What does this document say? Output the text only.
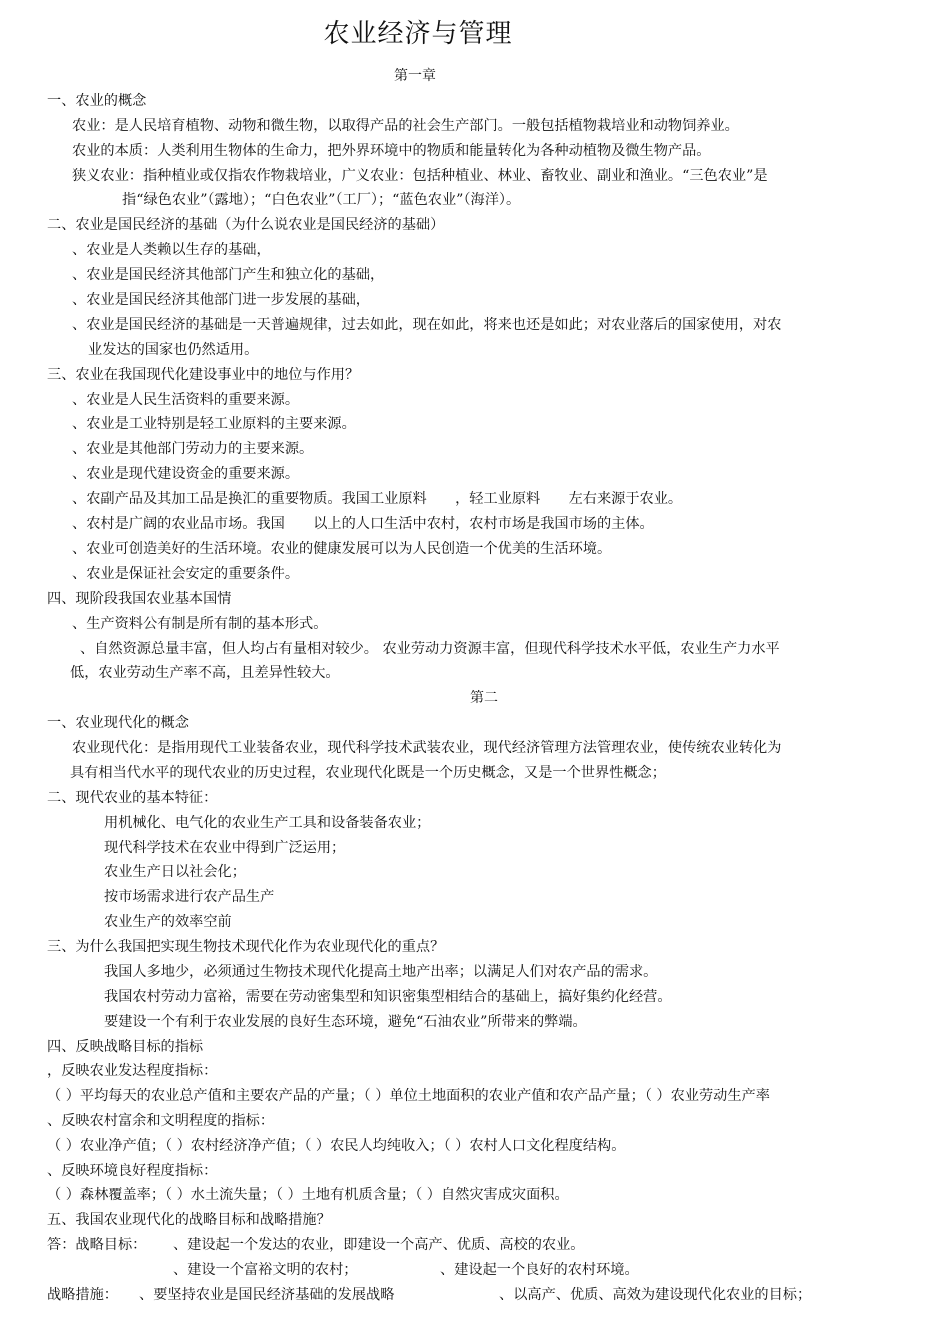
农业经济与管理
第一章
一、农业的概念
农业：是人民培育植物、动物和微生物，以取得产品的社会生产部门。一般包括植物栽培业和动物饲养业。
农业的本质：人类利用生物体的生命力，把外界环境中的物质和能量转化为各种动植物及微生物产品。
狭义农业：指种植业或仅指农作物栽培业，广义农业：包括种植业、林业、畜牧业、副业和渔业。“三色农业”是
指“绿色农业”（露地）；“白色农业”（工厂）；“蓝色农业”（海洋）。
二、农业是国民经济的基础（为什么说农业是国民经济的基础）
、农业是人类赖以生存的基础，
、农业是国民经济其他部门产生和独立化的基础，
、农业是国民经济其他部门进一步发展的基础，
、农业是国民经济的基础是一天普遍规律，过去如此，现在如此，将来也还是如此；对农业落后的国家使用，对农
业发达的国家也仍然适用。
三、农业在我国现代化建设事业中的地位与作用？
、农业是人民生活资料的重要来源。
、农业是工业特别是轻工业原料的主要来源。
、农业是其他部门劳动力的主要来源。
、农业是现代建设资金的重要来源。
、农副产品及其加工品是换汇的重要物质。我国工业原料　　，轻工业原料　　左右来源于农业。
、农村是广阔的农业品市场。我国　　以上的人口生活中农村，农村市场是我国市场的主体。
、农业可创造美好的生活环境。农业的健康发展可以为人民创造一个优美的生活环境。
、农业是保证社会安定的重要条件。
四、现阶段我国农业基本国情
、生产资料公有制是所有制的基本形式。
、自然资源总量丰富，但人均占有量相对较少。 农业劳动力资源丰富，但现代科学技术水平低，农业生产力水平
低，农业劳动生产率不高，且差异性较大。
第二
一、农业现代化的概念
农业现代化：是指用现代工业装备农业，现代科学技术武装农业，现代经济管理方法管理农业，使传统农业转化为
具有相当代水平的现代农业的历史过程，农业现代化既是一个历史概念，又是一个世界性概念；
二、现代农业的基本特征：
用机械化、电气化的农业生产工具和设备装备农业；
现代科学技术在农业中得到广泛运用；
农业生产日以社会化；
按市场需求进行农产品生产
农业生产的效率空前
三、为什么我国把实现生物技术现代化作为农业现代化的重点？
我国人多地少，必须通过生物技术现代化提高土地产出率；以满足人们对农产品的需求。
我国农村劳动力富裕，需要在劳动密集型和知识密集型相结合的基础上，搞好集约化经营。
要建设一个有利于农业发展的良好生态环境，避免“石油农业”所带来的弊端。
四、反映战略目标的指标
，反映农业发达程度指标：
（ ）平均每天的农业总产值和主要农产品的产量；（ ）单位土地面积的农业产值和农产品产量；（ ）农业劳动生产率
、反映农村富余和文明程度的指标：
（ ）农业净产值；（ ）农村经济净产值；（ ）农民人均纯收入；（ ）农村人口文化程度结构。
、反映环境良好程度指标：
（ ）森林覆盖率；（ ）水土流失量；（ ）土地有机质含量；（ ）自然灾害成灾面积。
五、我国农业现代化的战略目标和战略措施？
答：战略目标： 、建设起一个发达的农业，即建设一个高产、优质、高校的农业。
、建设一个富裕文明的农村；	、建设起一个良好的农村环境。
战略措施： 、要坚持农业是国民经济基础的发展战略	、以高产、优质、高效为建设现代化农业的目标；
